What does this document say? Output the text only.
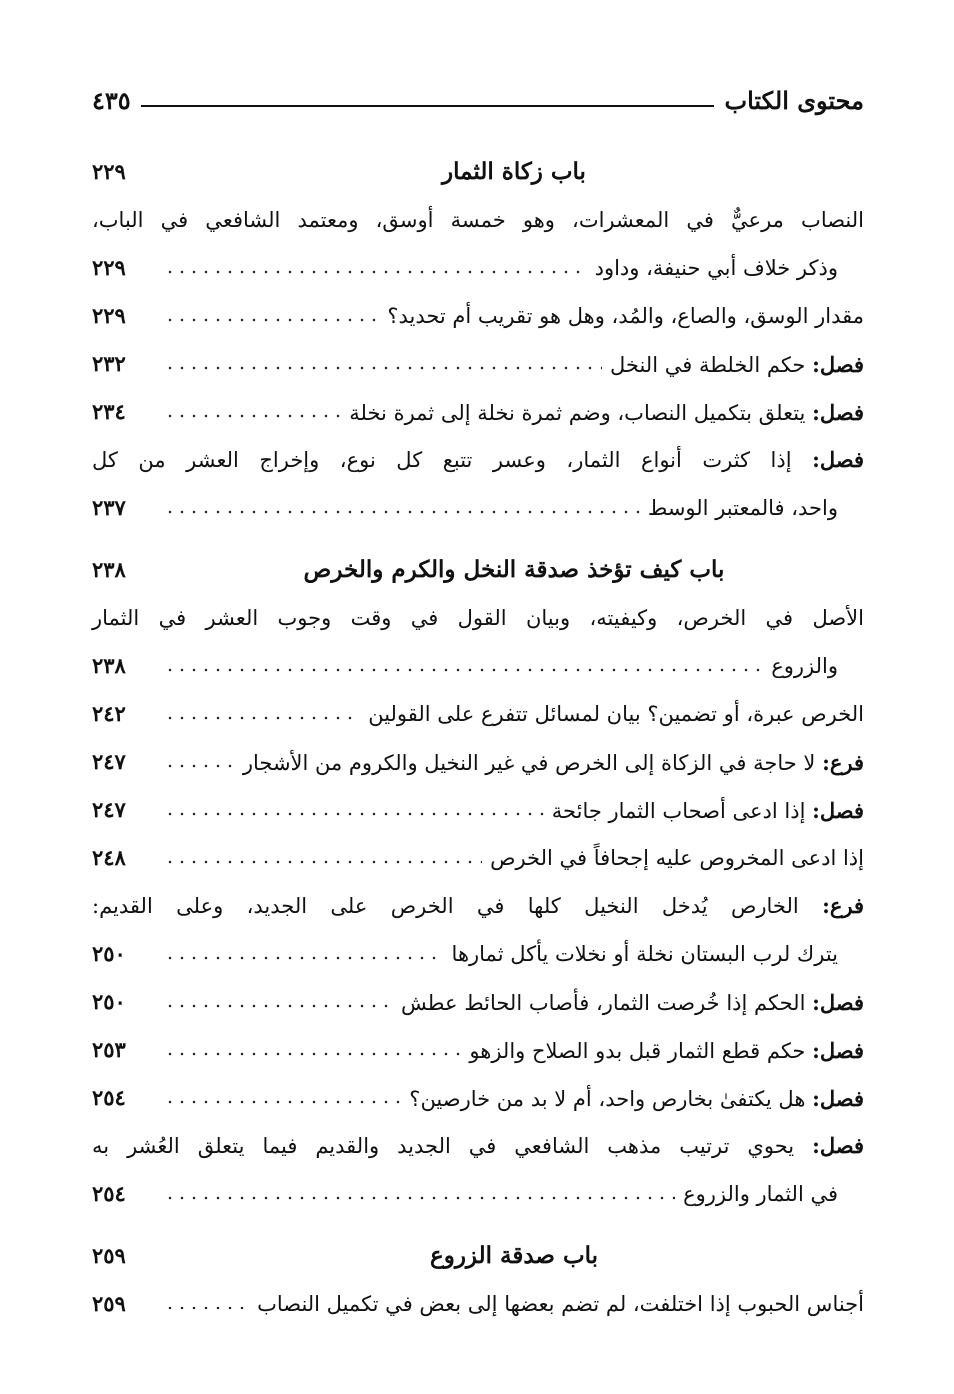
محتوى الكتاب
٤٣٥
باب زكاة الثمار
٢٢٩
النصاب مرعيٌّ في المعشرات، وهو خمسة أوسق، ومعتمد الشافعي في الباب،
وذكر خلاف أبي حنيفة، وداود
٢٢٩
مقدار الوسق، والصاع، والمُد، وهل هو تقريب أم تحديد؟
٢٢٩
فصل: حكم الخلطة في النخل
٢٣٢
فصل: يتعلق بتكميل النصاب، وضم ثمرة نخلة إلى ثمرة نخلة
٢٣٤
فصل: إذا كثرت أنواع الثمار، وعسر تتبع كل نوع، وإخراج العشر من كل
واحد، فالمعتبر الوسط
٢٣٧
باب كيف تؤخذ صدقة النخل والكرم والخرص
٢٣٨
الأصل في الخرص، وكيفيته، وبيان القول في وقت وجوب العشر في الثمار
والزروع
٢٣٨
الخرص عبرة، أو تضمين؟ بيان لمسائل تتفرع على القولين
٢٤٢
فرع: لا حاجة في الزكاة إلى الخرص في غير النخيل والكروم من الأشجار
٢٤٧
فصل: إذا ادعى أصحاب الثمار جائحة
٢٤٧
إذا ادعى المخروص عليه إجحافاً في الخرص
٢٤٨
فرع: الخارص يُدخل النخيل كلها في الخرص على الجديد، وعلى القديم:
يترك لرب البستان نخلة أو نخلات يأكل ثمارها
٢٥٠
فصل: الحكم إذا خُرصت الثمار، فأصاب الحائط عطش
٢٥٠
فصل: حكم قطع الثمار قبل بدو الصلاح والزهو
٢٥٣
فصل: هل يكتفىٰ بخارص واحد، أم لا بد من خارصين؟
٢٥٤
فصل: يحوي ترتيب مذهب الشافعي في الجديد والقديم فيما يتعلق العُشر به
في الثمار والزروع
٢٥٤
باب صدقة الزروع
٢٥٩
أجناس الحبوب إذا اختلفت، لم تضم بعضها إلى بعض في تكميل النصاب
٢٥٩
